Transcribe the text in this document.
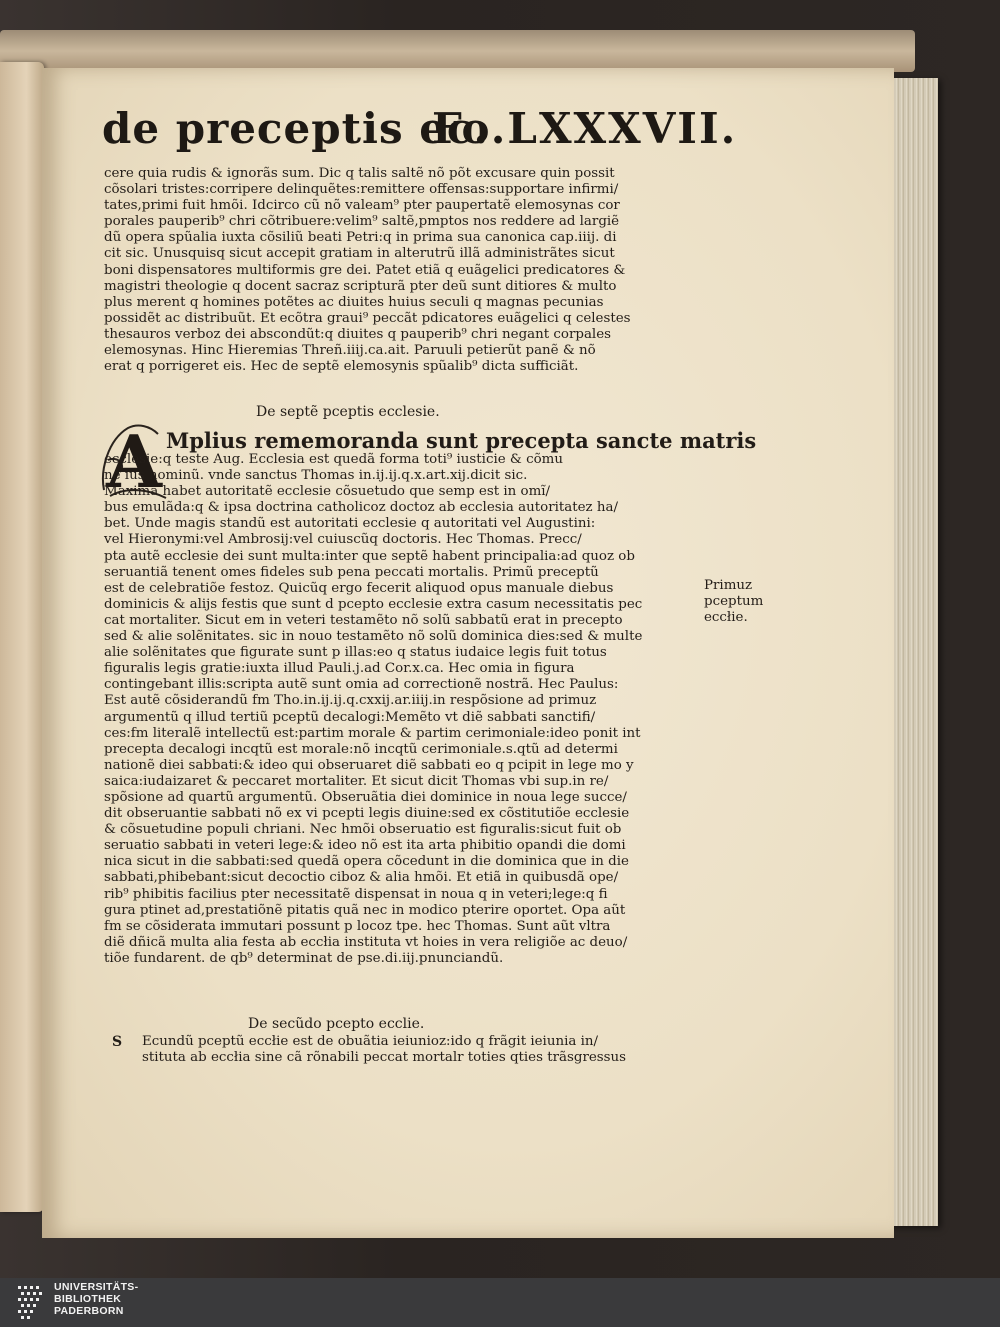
de preceptis ec.
Fo.LXXXVII.
cere quia rudis & ignorãs sum. Dic q talis saltẽ nõ põt excusare quin possit
cõsolari tristes:corripere delinquẽtes:remittere offensas:supportare infirmi/
tates,primi fuit hmõi. Idcirco cũ nõ valeam⁹ pter paupertatẽ elemosynas cor
porales pauperib⁹ chri cõtribuere:velim⁹ saltẽ,pmptos nos reddere ad largiẽ
dũ opera spũalia iuxta cõsiliũ beati Petri:q in prima sua canonica cap.iiij. di
cit sic. Unusquisq sicut accepit gratiam in alterutrũ illã administrãtes sicut
boni dispensatores multiformis gre dei. Patet etiã q euãgelici predicatores &
magistri theologie q docent sacraz scripturã pter deũ sunt ditiores & multo
plus merent q homines potẽtes ac diuites huius seculi q magnas pecunias
possidẽt ac distribuũt. Et ecõtra graui⁹ peccãt pdicatores euãgelici q celestes
thesauros verboz dei abscondũt:q diuites q pauperib⁹ chri negant corpales
elemosynas. Hinc Hieremias Threñ.iiij.ca.ait. Paruuli petierũt panẽ & nõ
erat q porrigeret eis. Hec de septẽ elemosynis spũalib⁹ dicta sufficiãt.
De septẽ pceptis ecclesie.
A Mplius rememoranda sunt precepta sancte matris
ecclesie:q teste Aug. Ecclesia est quedã forma toti⁹ iusticie & cõmu
ne ius hominũ. vnde sanctus Thomas in.ij.ij.q.x.art.xij.dicit sic.
Maximã habet autoritatẽ ecclesie cõsuetudo que semp est in omĩ/
bus emulãda:q & ipsa doctrina catholicoz doctoz ab ecclesia autoritatez ha/
bet. Unde magis standũ est autoritati ecclesie q autoritati vel Augustini:
vel Hieronymi:vel Ambrosij:vel cuiuscũq doctoris. Hec Thomas. Precc/
pta autẽ ecclesie dei sunt multa:inter que septẽ habent principalia:ad quoz ob
seruantiã tenent omes fideles sub pena peccati mortalis. Primũ preceptũ
est de celebratiõe festoz. Quicũq ergo fecerit aliquod opus manuale diebus
dominicis & alijs festis que sunt d pcepto ecclesie extra casum necessitatis pec
cat mortaliter. Sicut em in veteri testamẽto nõ solũ sabbatũ erat in precepto
sed & alie solẽnitates. sic in nouo testamẽto nõ solũ dominica dies:sed & multe
alie solẽnitates que figurate sunt p illas:eo q status iudaice legis fuit totus
figuralis legis gratie:iuxta illud Pauli.j.ad Cor.x.ca. Hec omia in figura
contingebant illis:scripta autẽ sunt omia ad correctionẽ nostrã. Hec Paulus:
Est autẽ cõsiderandũ fm Tho.in.ij.ij.q.cxxij.ar.iiij.in respõsione ad primuz
argumentũ q illud tertiũ pceptũ decalogi:Memẽto vt diẽ sabbati sanctifi/
ces:fm literalẽ intellectũ est:partim morale & partim cerimoniale:ideo ponit int
precepta decalogi incqtũ est morale:nõ incqtũ cerimoniale.s.qtũ ad determi
nationẽ diei sabbati:& ideo qui obseruaret diẽ sabbati eo q pcipit in lege mo y
saica:iudaizaret & peccaret mortaliter. Et sicut dicit Thomas vbi sup.in re/
spõsione ad quartũ argumentũ. Obseruãtia diei dominice in noua lege succe/
dit obseruantie sabbati nõ ex vi pcepti legis diuine:sed ex cõstitutiõe ecclesie
& cõsuetudine populi chriani. Nec hmõi obseruatio est figuralis:sicut fuit ob
seruatio sabbati in veteri lege:& ideo nõ est ita arta phibitio opandi die domi
nica sicut in die sabbati:sed quedã opera cõcedunt in die dominica que in die
sabbati,phibebant:sicut decoctio ciboz & alia hmõi. Et etiã in quibusdã ope/
rib⁹ phibitis facilius pter necessitatẽ dispensat in noua q in veteri;lege:q fi
gura ptinet ad,prestatiõnẽ pitatis quã nec in modico pterire oportet. Opa aũt
fm se cõsiderata immutari possunt p locoz tpe. hec Thomas. Sunt aũt vltra
diẽ dñicã multa alia festa ab eccłia instituta vt hoies in vera religiõe ac deuo/
tiõe fundarent. de qb⁹ determinat de pse.di.iij.pnunciandũ.
Primuz
pceptum
eccłie.
De secũdo pcepto ecclie.
S Ecundũ pceptũ eccłie est de obuãtia ieiunioz:ido q frãgit ieiunia in/
stituta ab eccłia sine cã rõnabili peccat mortalr toties qties trãsgressus
UNIVERSITÄTS-
BIBLIOTHEK
PADERBORN
